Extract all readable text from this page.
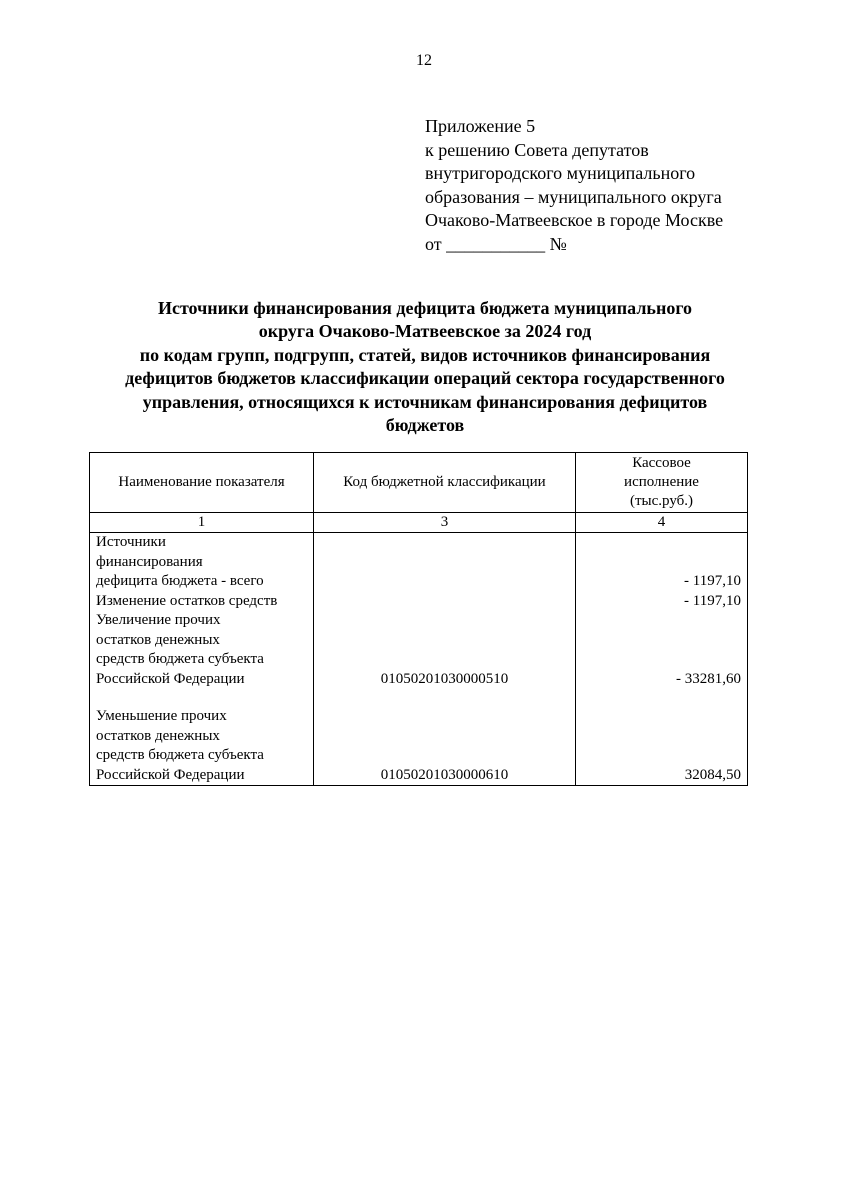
12
Приложение 5
к решению Совета депутатов
внутригородского муниципального
образования – муниципального округа
Очаково-Матвеевское в городе Москве
от ___________ №
Источники финансирования дефицита бюджета муниципального
округа Очаково-Матвеевское за 2024 год
по кодам групп, подгрупп, статей, видов источников финансирования
дефицитов бюджетов классификации операций сектора государственного
управления, относящихся к источникам финансирования дефицитов
бюджетов
Наименование показателя	Код бюджетной классификации	Кассовое
исполнение
(тыс.руб.)

1	3	4

Источники
финансирования
дефицита бюджета - всего		- 1197,10

Изменение остатков средств		- 1197,10

Увеличение прочих
остатков денежных
средств бюджета субъекта
Российской Федерации	01050201030000510	- 33281,60

Уменьшение прочих
остатков денежных
средств бюджета субъекта
Российской Федерации	01050201030000610	32084,50
